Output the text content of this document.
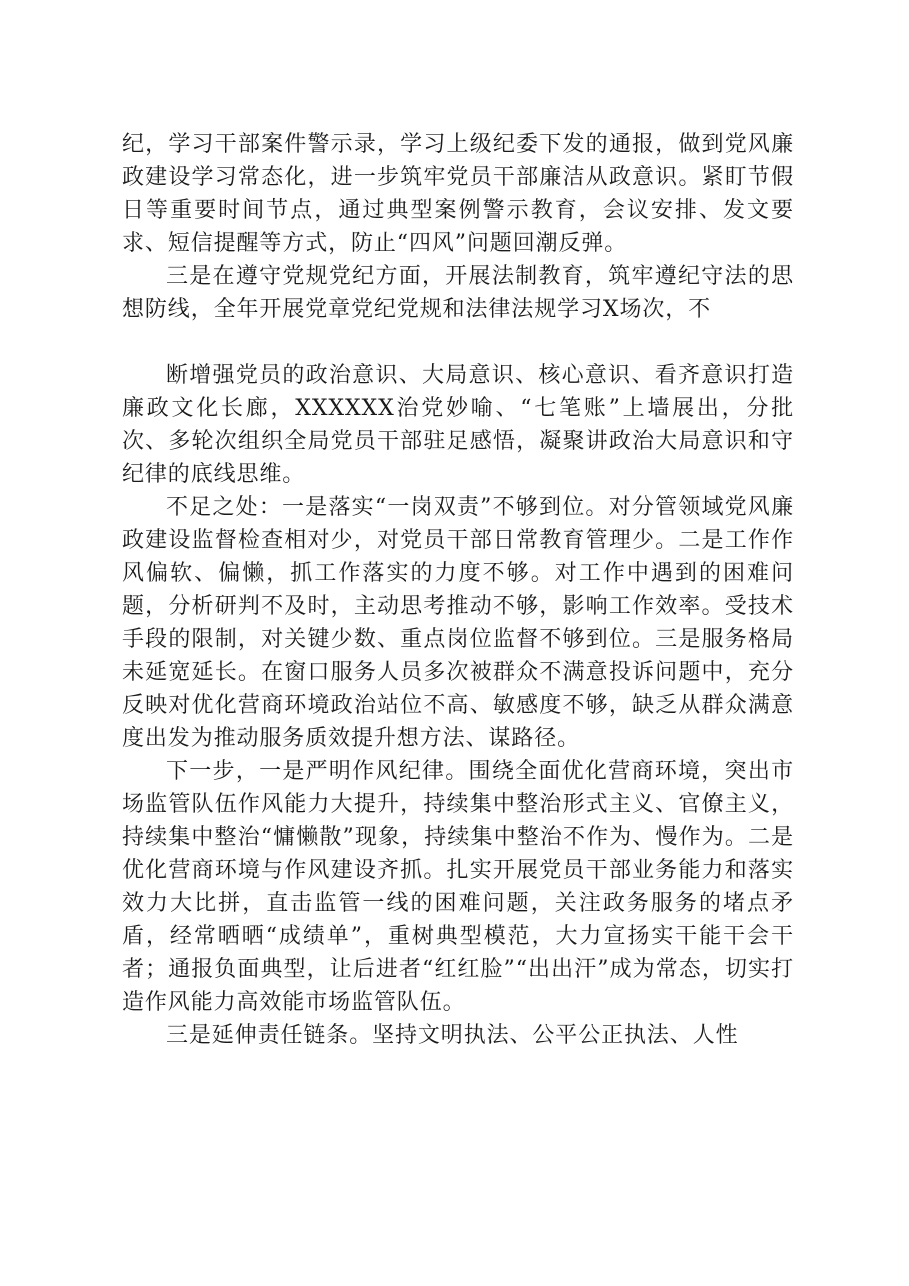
纪，学习干部案件警示录，学习上级纪委下发的通报，做到党风廉政建设学习常态化，进一步筑牢党员干部廉洁从政意识。紧盯节假日等重要时间节点，通过典型案例警示教育，会议安排、发文要求、短信提醒等方式，防止“四风”问题回潮反弹。

三是在遵守党规党纪方面，开展法制教育，筑牢遵纪守法的思想防线，全年开展党章党纪党规和法律法规学习X场次，不

断增强党员的政治意识、大局意识、核心意识、看齐意识打造廉政文化长廊，XXXXXX治党妙喻、“七笔账”上墙展出，分批次、多轮次组织全局党员干部驻足感悟，凝聚讲政治大局意识和守纪律的底线思维。

不足之处：一是落实“一岗双责”不够到位。对分管领域党风廉政建设监督检查相对少，对党员干部日常教育管理少。二是工作作风偏软、偏懒，抓工作落实的力度不够。对工作中遇到的困难问题，分析研判不及时，主动思考推动不够，影响工作效率。受技术手段的限制，对关键少数、重点岗位监督不够到位。三是服务格局未延宽延长。在窗口服务人员多次被群众不满意投诉问题中，充分反映对优化营商环境政治站位不高、敏感度不够，缺乏从群众满意度出发为推动服务质效提升想方法、谋路径。

下一步，一是严明作风纪律。围绕全面优化营商环境，突出市场监管队伍作风能力大提升，持续集中整治形式主义、官僚主义，持续集中整治“慵懒散”现象，持续集中整治不作为、慢作为。二是优化营商环境与作风建设齐抓。扎实开展党员干部业务能力和落实效力大比拼，直击监管一线的困难问题，关注政务服务的堵点矛盾，经常晒晒“成绩单”，重树典型模范，大力宣扬实干能干会干者；通报负面典型，让后进者“红红脸”“出出汗”成为常态，切实打造作风能力高效能市场监管队伍。

三是延伸责任链条。坚持文明执法、公平公正执法、人性
